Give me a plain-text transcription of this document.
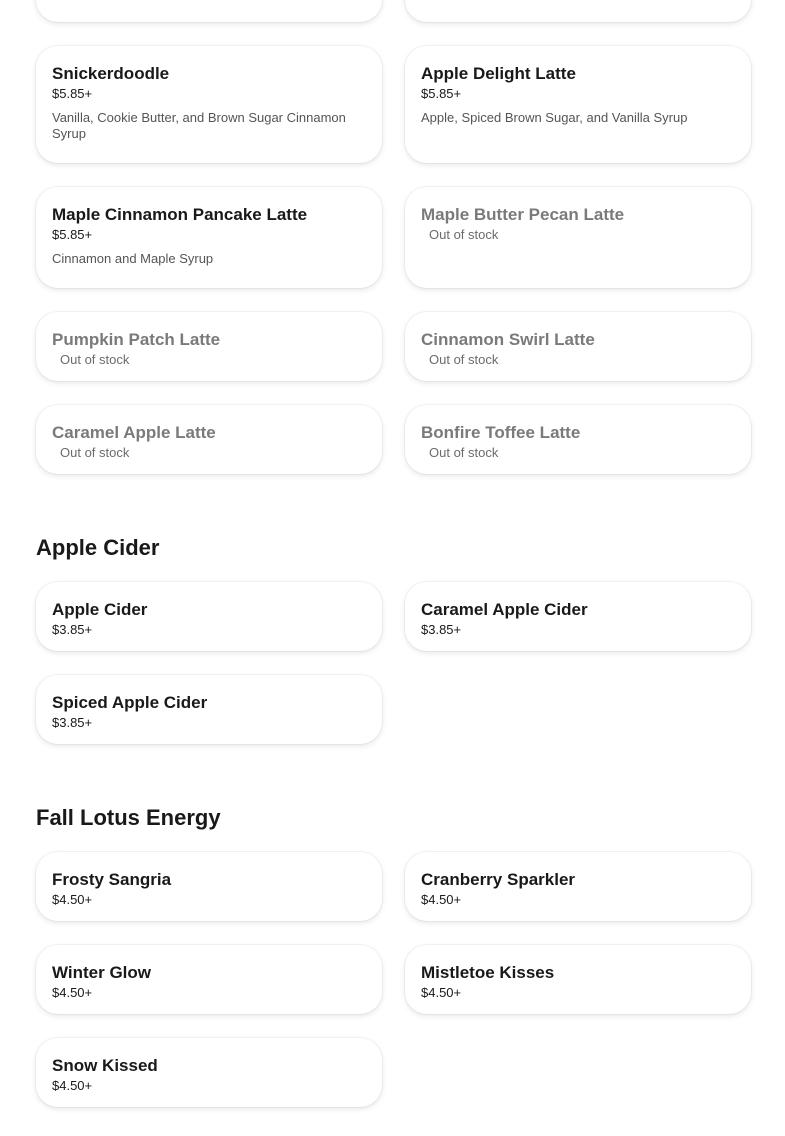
Snickerdoodle
$5.85+
Vanilla, Cookie Butter, and Brown Sugar Cinnamon Syrup
Apple Delight Latte
$5.85+
Apple, Spiced Brown Sugar, and Vanilla Syrup
Maple Cinnamon Pancake Latte
$5.85+
Cinnamon and Maple Syrup
Maple Butter Pecan Latte
Out of stock
Pumpkin Patch Latte
Out of stock
Cinnamon Swirl Latte
Out of stock
Caramel Apple Latte
Out of stock
Bonfire Toffee Latte
Out of stock
Apple Cider
Apple Cider
$3.85+
Caramel Apple Cider
$3.85+
Spiced Apple Cider
$3.85+
Fall Lotus Energy
Frosty Sangria
$4.50+
Cranberry Sparkler
$4.50+
Winter Glow
$4.50+
Mistletoe Kisses
$4.50+
Snow Kissed
$4.50+
